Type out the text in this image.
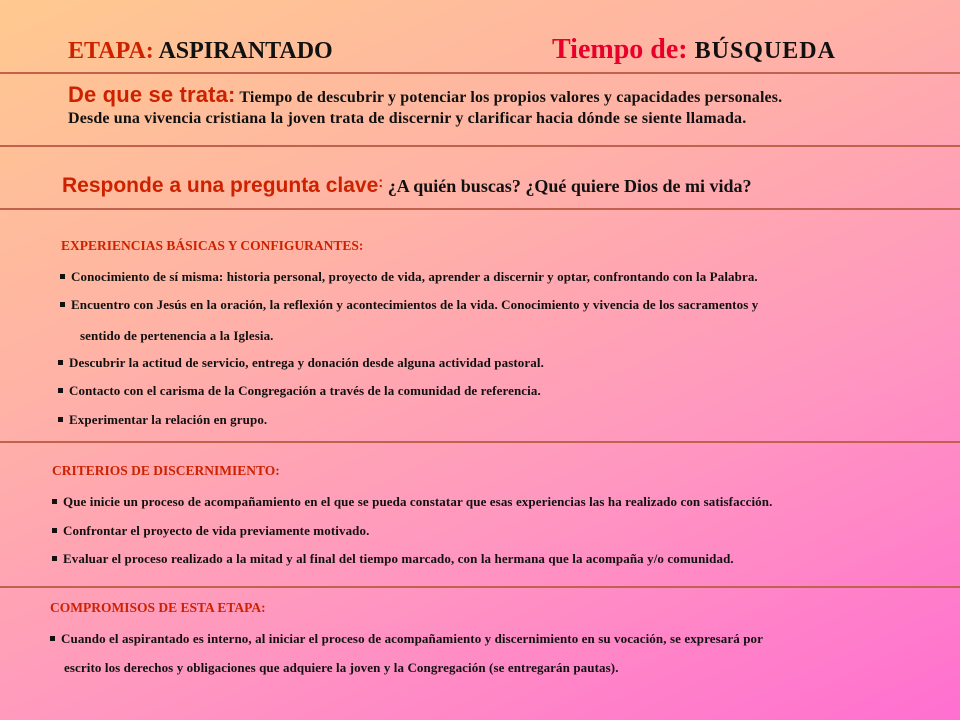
ETAPA: ASPIRANTADO	Tiempo de: BÚSQUEDA
De que se trata: Tiempo de descubrir y potenciar los propios valores y capacidades personales.
Desde una vivencia cristiana la joven trata de discernir y clarificar hacia dónde se siente llamada.
Responde a una pregunta clave: ¿A quién buscas? ¿Qué quiere Dios de mi vida?
EXPERIENCIAS BÁSICAS Y CONFIGURANTES:
Conocimiento de sí misma: historia personal, proyecto de vida, aprender a discernir y optar, confrontando con la Palabra.
Encuentro con Jesús en la oración, la reflexión y acontecimientos de la vida. Conocimiento y vivencia de los sacramentos y
sentido de pertenencia a la Iglesia.
Descubrir la actitud de servicio, entrega y donación desde alguna actividad pastoral.
Contacto con el carisma de la Congregación a través de la comunidad de referencia.
Experimentar la relación en grupo.
CRITERIOS DE DISCERNIMIENTO:
Que inicie un proceso de acompañamiento en el que se pueda constatar que esas experiencias las ha realizado con satisfacción.
Confrontar el proyecto de vida previamente motivado.
Evaluar el proceso realizado a la mitad y al final del tiempo marcado, con la hermana que la acompaña y/o comunidad.
COMPROMISOS DE ESTA ETAPA:
Cuando el aspirantado es interno, al iniciar el proceso de acompañamiento y discernimiento en su vocación, se expresará por
escrito los derechos y obligaciones que adquiere la joven y la Congregación (se entregarán pautas).
